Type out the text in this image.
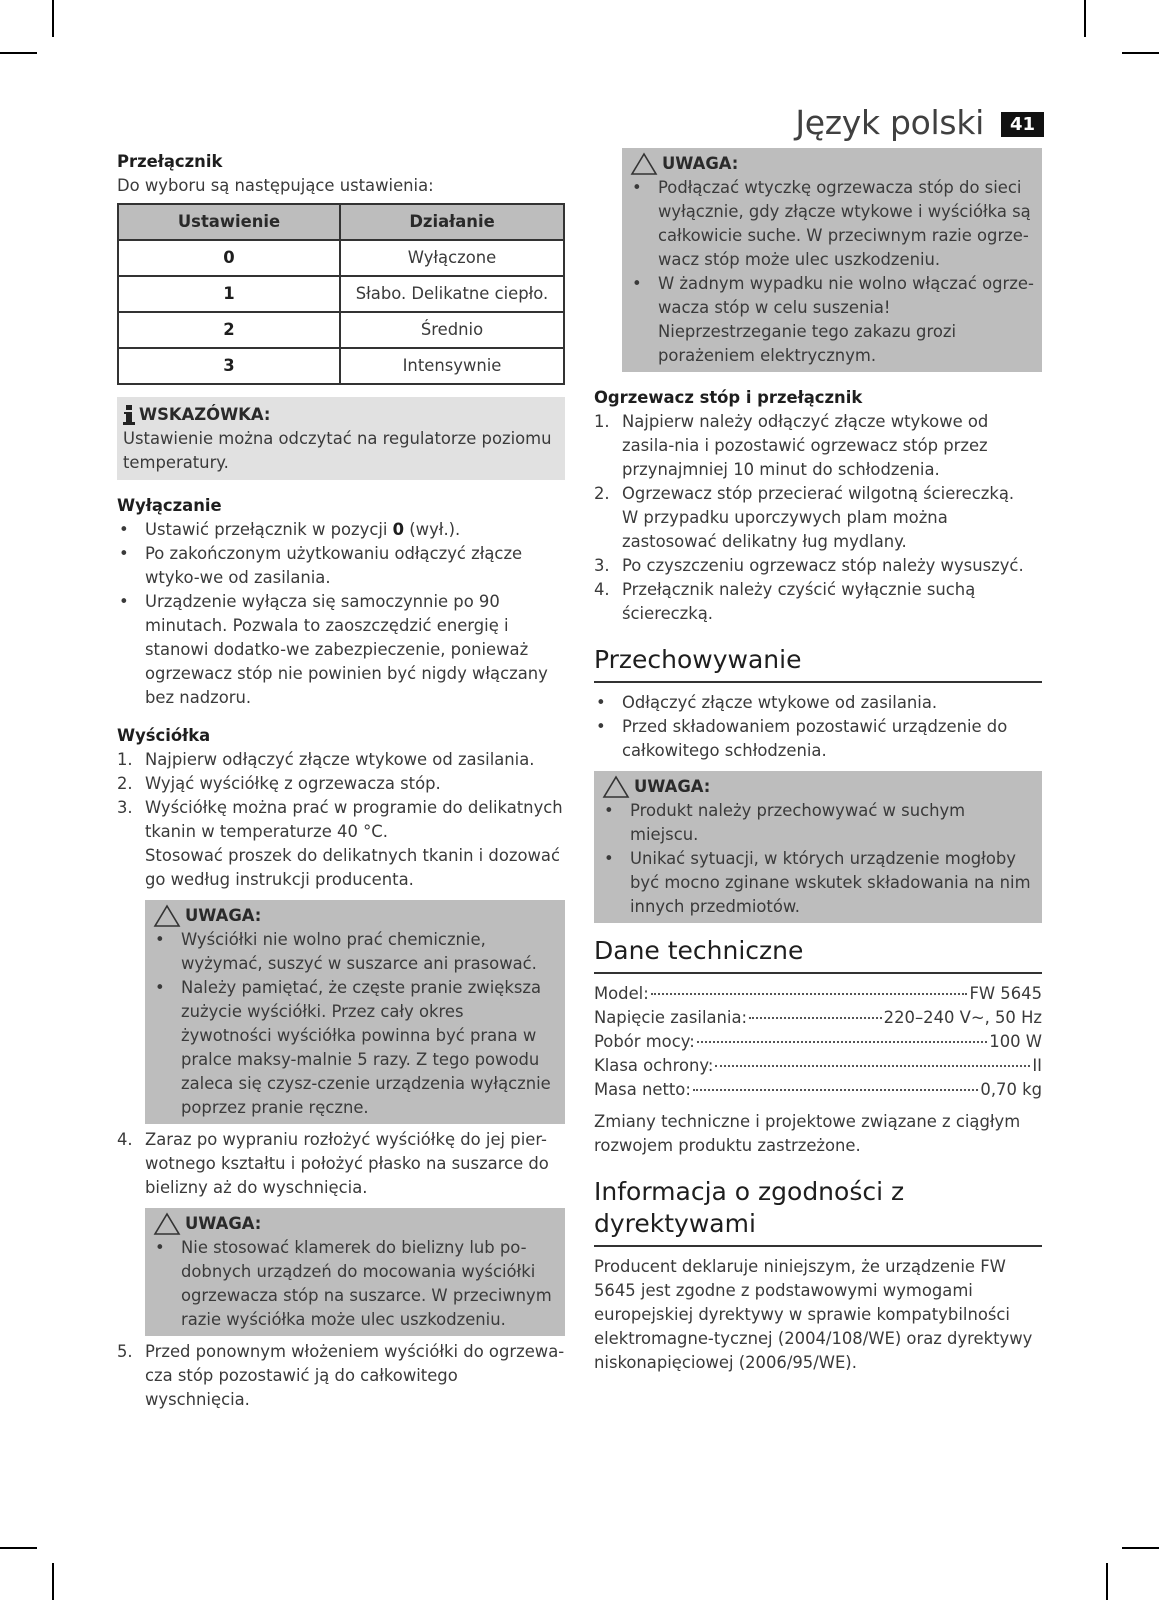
Język polski	41
Przełącznik

Do wyboru są następujące ustawienia:

Ustawienie	Działanie
0	Wyłączone
1	Słabo. Delikatne ciepło.
2	Średnio
3	Intensywnie
WSKAZÓWKA:

Ustawienie można odczytać na regulatorze poziomu temperatury.

Wyłączanie
• Ustawić przełącznik w pozycji 0 (wył.).
• Po zakończonym użytkowaniu odłączyć złącze wtyko-we od zasilania.
• Urządzenie wyłącza się samoczynnie po 90 minutach. Pozwala to zaoszczędzić energię i stanowi dodatko-we zabezpieczenie, ponieważ ogrzewacz stóp nie powinien być nigdy włączany bez nadzoru.
Wyściółka
1. Najpierw odłączyć złącze wtykowe od zasilania.
2. Wyjąć wyściółkę z ogrzewacza stóp.
3. Wyściółkę można prać w programie do delikatnych tkanin w temperaturze 40 °C.
Stosować proszek do delikatnych tkanin i dozować go według instrukcji producenta.
UWAGA:
• Wyściółki nie wolno prać chemicznie, wyżymać, suszyć w suszarce ani prasować.
• Należy pamiętać, że częste pranie zwiększa zużycie wyściółki. Przez cały okres żywotności wyściółka powinna być prana w pralce maksy-malnie 5 razy. Z tego powodu zaleca się czysz-czenie urządzenia wyłącznie poprzez pranie ręczne.
4. Zaraz po wypraniu rozłożyć wyściółkę do jej pier-wotnego kształtu i położyć płasko na suszarce do bielizny aż do wyschnięcia.
UWAGA:
• Nie stosować klamerek do bielizny lub po-dobnych urządzeń do mocowania wyściółki ogrzewacza stóp na suszarce. W przeciwnym razie wyściółka może ulec uszkodzeniu.
5. Przed ponownym włożeniem wyściółki do ogrzewa-cza stóp pozostawić ją do całkowitego wyschnięcia.
UWAGA:
• Podłączać wtyczkę ogrzewacza stóp do sieci wyłącznie, gdy złącze wtykowe i wyściółka są całkowicie suche. W przeciwnym razie ogrze-wacz stóp może ulec uszkodzeniu.
• W żadnym wypadku nie wolno włączać ogrze-wacza stóp w celu suszenia! Nieprzestrzeganie tego zakazu grozi porażeniem elektrycznym.
Ogrzewacz stóp i przełącznik
1. Najpierw należy odłączyć złącze wtykowe od zasila-nia i pozostawić ogrzewacz stóp przez przynajmniej 10 minut do schłodzenia.
2. Ogrzewacz stóp przecierać wilgotną ściereczką.
W przypadku uporczywych plam można zastosować delikatny ług mydlany.
3. Po czyszczeniu ogrzewacz stóp należy wysuszyć.
4. Przełącznik należy czyścić wyłącznie suchą ściereczką.
Przechowywanie
• Odłączyć złącze wtykowe od zasilania.
• Przed składowaniem pozostawić urządzenie do całkowitego schłodzenia.
UWAGA:
• Produkt należy przechowywać w suchym miejscu.
• Unikać sytuacji, w których urządzenie mogłoby być mocno zginane wskutek składowania na nim innych przedmiotów.
Dane techniczne
Model:	FW 5645
Napięcie zasilania:	220–240 V~, 50 Hz
Pobór mocy:	100 W
Klasa ochrony:	II
Masa netto:	0,70 kg

Zmiany techniczne i projektowe związane z ciągłym rozwojem produktu zastrzeżone.

Informacja o zgodności z dyrektywami

Producent deklaruje niniejszym, że urządzenie FW 5645 jest zgodne z podstawowymi wymogami europejskiej dyrektywy w sprawie kompatybilności elektromagne-tycznej (2004/108/WE) oraz dyrektywy niskonapięciowej (2006/95/WE).
